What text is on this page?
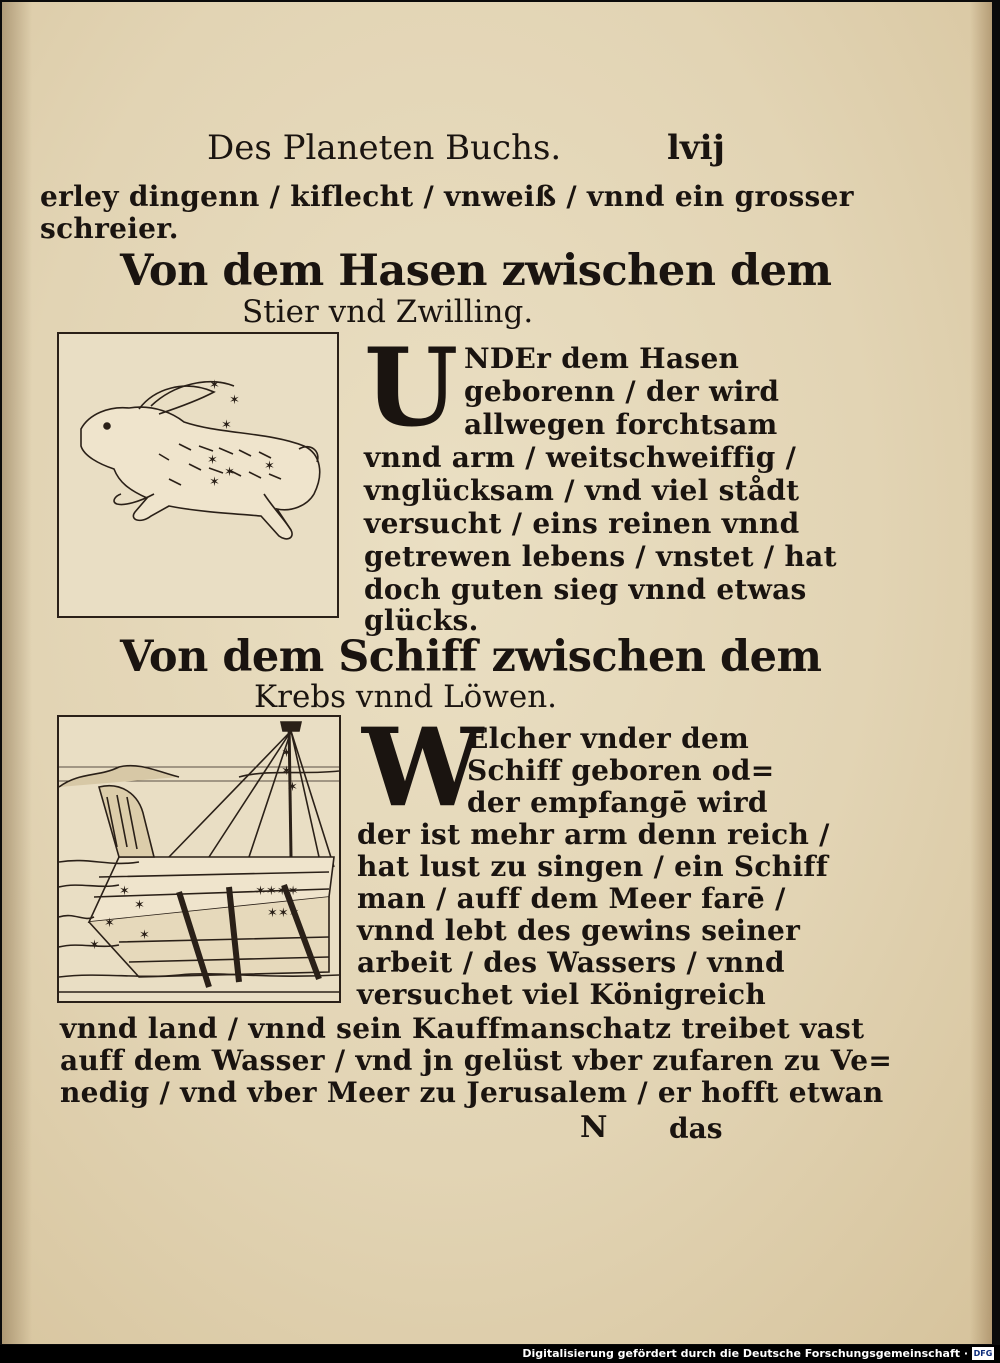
Des Planeten Buchs.	lvij
erley dingenn / kiflecht / vnweiß / vnnd ein grosser
schreier.
Von dem Hasen zwischen dem
Stier vnd Zwilling.
✶
✶
✶
✶
✶
✶
✶
U NDEr dem Hasen
geborenn / der wird
allwegen forchtsam
vnnd arm / weitschweiffig /
vnglücksam / vnd viel stådt
versucht / eins reinen vnnd
getrewen lebens / vnstet / hat
doch guten sieg vnnd etwas
glücks.
Von dem Schiff zwischen dem
Krebs vnnd Löwen.
✶
✶
✶
✶✶✶✶
✶✶✶
✶
✶
✶
✶
✶
W
Elcher vnder dem
Schiff geboren od=
der empfangē wird
der ist mehr arm denn reich /
hat lust zu singen / ein Schiff
man / auff dem Meer farē /
vnnd lebt des gewins seiner
arbeit / des Wassers / vnnd
versuchet viel Königreich
vnnd land / vnnd sein Kauffmanschatz treibet vast
auff dem Wasser / vnd jn gelüst vber zufaren zu Ve=
nedig / vnd vber Meer zu Jerusalem / er hofft etwan
N das
Digitalisierung gefördert durch die Deutsche Forschungsgemeinschaft · DFG
